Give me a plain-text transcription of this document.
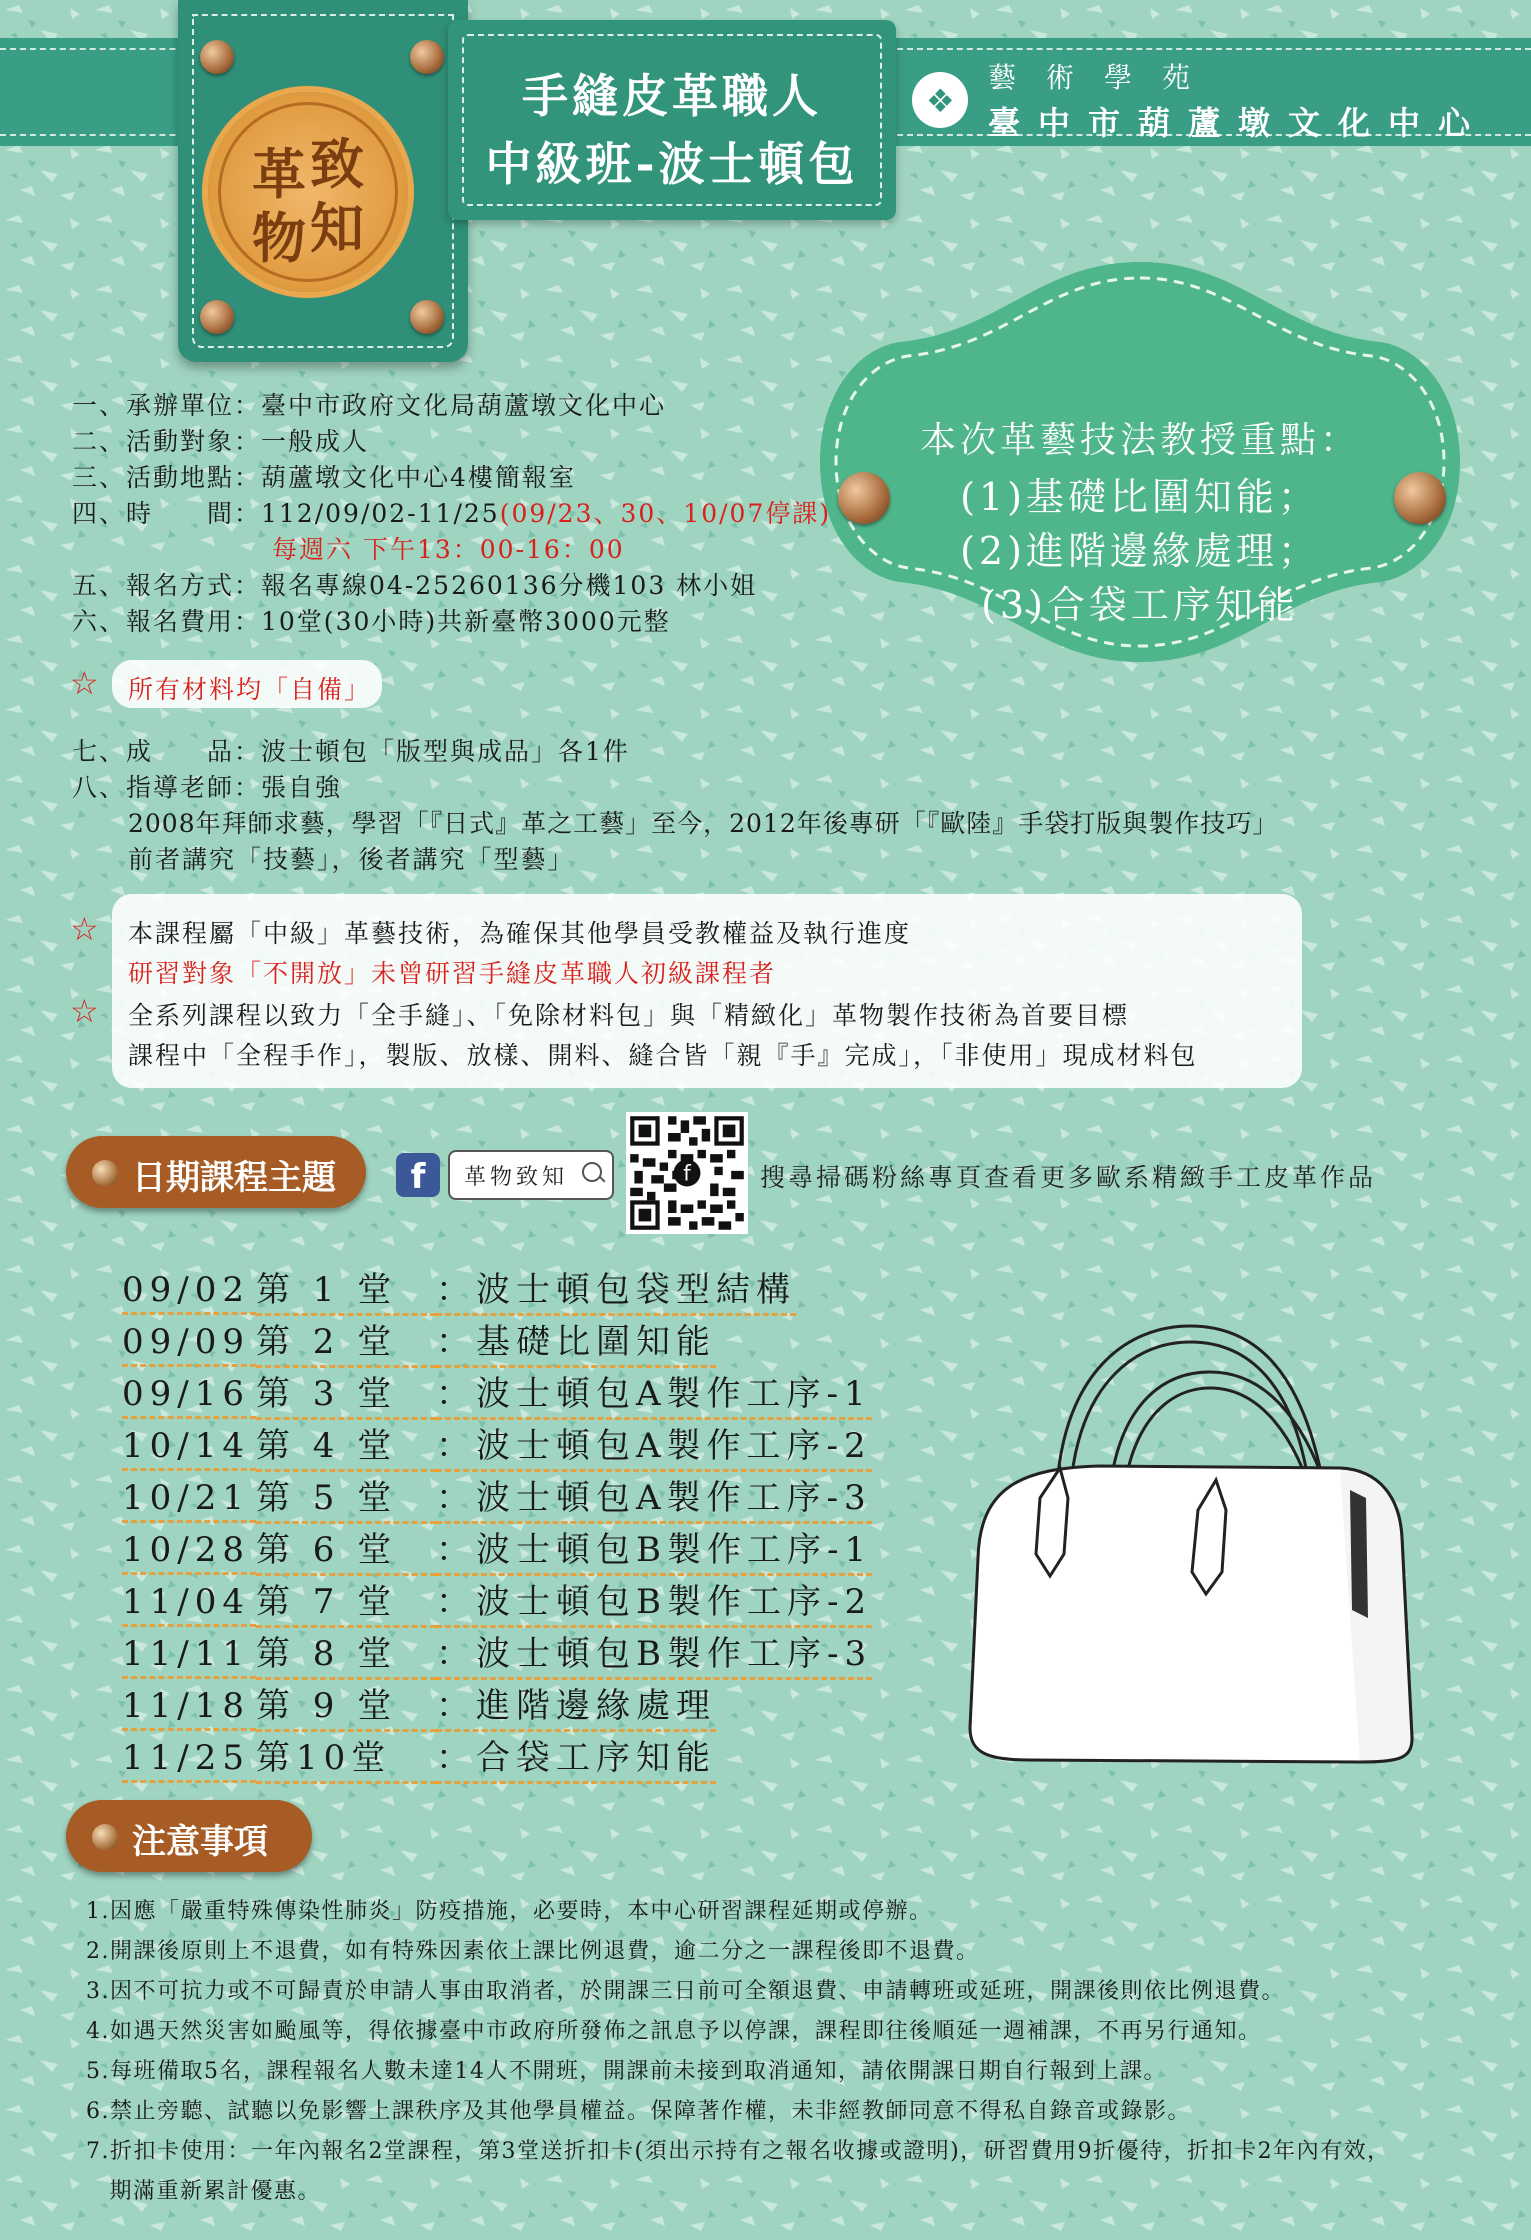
致
革
物 知
手縫皮革職人
中級班-波士頓包
❖
藝術學苑
臺中市葫蘆墩文化中心
本次革藝技法教授重點：
(1)基礎比圍知能；
(2)進階邊緣處理；
(3)合袋工序知能
一、承辦單位：臺中市政府文化局葫蘆墩文化中心
二、活動對象：一般成人
三、活動地點：葫蘆墩文化中心4樓簡報室
四、時　　間：112/09/02-11/25(09/23、30、10/07停課)
每週六 下午13：00-16：00
五、報名方式：報名專線04-25260136分機103 林小姐
六、報名費用：10堂(30小時)共新臺幣3000元整
☆ 所有材料均「自備」
七、成　　品：波士頓包「版型與成品」各1件
八、指導老師：張自強
2008年拜師求藝，學習「『日式』革之工藝」至今，2012年後專研「『歐陸』手袋打版與製作技巧」
前者講究「技藝」，後者講究「型藝」
☆ 本課程屬「中級」革藝技術，為確保其他學員受教權益及執行進度
研習對象「不開放」未曾研習手縫皮革職人初級課程者
☆ 全系列課程以致力「全手縫」、「免除材料包」與「精緻化」革物製作技術為首要目標
課程中「全程手作」，製版、放樣、開料、縫合皆「親『手』完成」，「非使用」現成材料包
日期課程主題	f	革物致知	f	搜尋掃碼粉絲專頁查看更多歐系精緻手工皮革作品
09/02 第 1 堂 ：波士頓包袋型結構
09/09 第 2 堂 ：基礎比圍知能
09/16 第 3 堂 ：波士頓包A製作工序-1
10/14 第 4 堂 ：波士頓包A製作工序-2
10/21 第 5 堂 ：波士頓包A製作工序-3
10/28 第 6 堂 ：波士頓包B製作工序-1
11/04 第 7 堂 ：波士頓包B製作工序-2
11/11 第 8 堂 ：波士頓包B製作工序-3
11/18 第 9 堂 ：進階邊緣處理
11/25 第10堂 ：合袋工序知能
注意事項
1.因應「嚴重特殊傳染性肺炎」防疫措施，必要時，本中心研習課程延期或停辦。
2.開課後原則上不退費，如有特殊因素依上課比例退費，逾二分之一課程後即不退費。
3.因不可抗力或不可歸責於申請人事由取消者，於開課三日前可全額退費、申請轉班或延班，開課後則依比例退費。
4.如遇天然災害如颱風等，得依據臺中市政府所發佈之訊息予以停課，課程即往後順延一週補課，不再另行通知。
5.每班備取5名，課程報名人數未達14人不開班，開課前未接到取消通知，請依開課日期自行報到上課。
6.禁止旁聽、試聽以免影響上課秩序及其他學員權益。保障著作權，未非經教師同意不得私自錄音或錄影。
7.折扣卡使用：一年內報名2堂課程，第3堂送折扣卡(須出示持有之報名收據或證明)，研習費用9折優待，折扣卡2年內有效，
　期滿重新累計優惠。
